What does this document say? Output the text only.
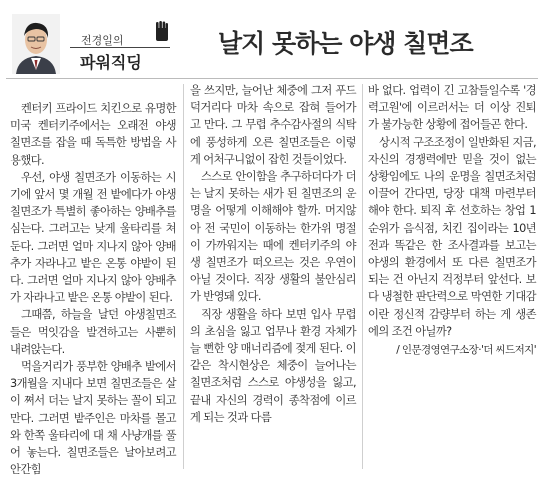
전경일의
파워직딩
날지 못하는 야생 칠면조

켄터키 프라이드 치킨으로 유명한 미국 켄터키주에서는 오래전 야생 칠면조를 잡을 때 독특한 방법을 사용했다.

우선, 야생 칠면조가 이동하는 시기에 앞서 몇 개월 전 밭에다가 야생 칠면조가 특별히 좋아하는 양배추를 심는다. 그러고는 낮게 울타리를 쳐 둔다. 그러면 얼마 지나지 않아 양배추가 자라나고 밭은 온통 야밭이 된다. 그러면 얼마 지나지 않아 양배추가 자라나고 밭은 온통 야밭이 된다.

그때쯤, 하늘을 날던 야생칠면조들은 먹잇감을 발견하고는 사뿐히 내려앉는다.

먹을거리가 풍부한 양배추 밭에서 3개월을 지내다 보면 칠면조들은 살이 쪄서 더는 날지 못하는 꼴이 되고 만다. 그러면 밭주인은 마차를 몰고 와 한쪽 울타리에 대 채 사냥개를 풀어 놓는다. 칠면조들은 날아보려고 안간힘

을 쓰지만, 늘어난 체중에 그저 푸드덕거리다 마차 속으로 잡혀 들어가고 만다. 그 무렵 추수감사절의 식탁에 풍성하게 오른 칠면조들은 이렇게 어처구니없이 잡힌 것들이었다.

스스로 안이함을 추구하더다가 더는 날지 못하는 새가 된 칠면조의 운명을 어떻게 이해해야 할까. 머지않아 전 국민이 이동하는 한가위 명절이 가까워지는 때에 켄터키주의 야생 칠면조가 떠오르는 것은 우연이 아닐 것이다. 직장 생활의 불안심리가 반영돼 있다.

직장 생활을 하다 보면 입사 무렵의 초심을 잃고 업무나 환경 자체가 늘 뻔한 양 매너리즘에 젖게 된다. 이 같은 착시현상은 체중이 늘어나는 칠면조처럼 스스로 야생성을 잃고, 끝내 자신의 경력이 종착점에 이르게 되는 것과 다름

바 없다. 업력이 긴 고참들일수록 '경력고원'에 이르러서는 더 이상 진퇴가 불가능한 상황에 접어들곤 한다.

상시적 구조조정이 일반화된 지금, 자신의 경쟁력에만 믿을 것이 없는 상황임에도 나의 운명을 칠면조처럼 이끌어 간다면, 당장 대책 마련부터 해야 한다. 퇴직 후 선호하는 창업 1순위가 음식점, 치킨 집이라는 10년 전과 똑같은 한 조사결과를 보고는 야생의 환경에서 또 다른 칠면조가 되는 건 아닌지 걱정부터 앞선다. 보다 냉철한 판단력으로 막연한 기대감이란 정신적 감량부터 하는 게 생존에의 조건 아닐까?

/ 인문경영연구소장·'더 씨드저지'
